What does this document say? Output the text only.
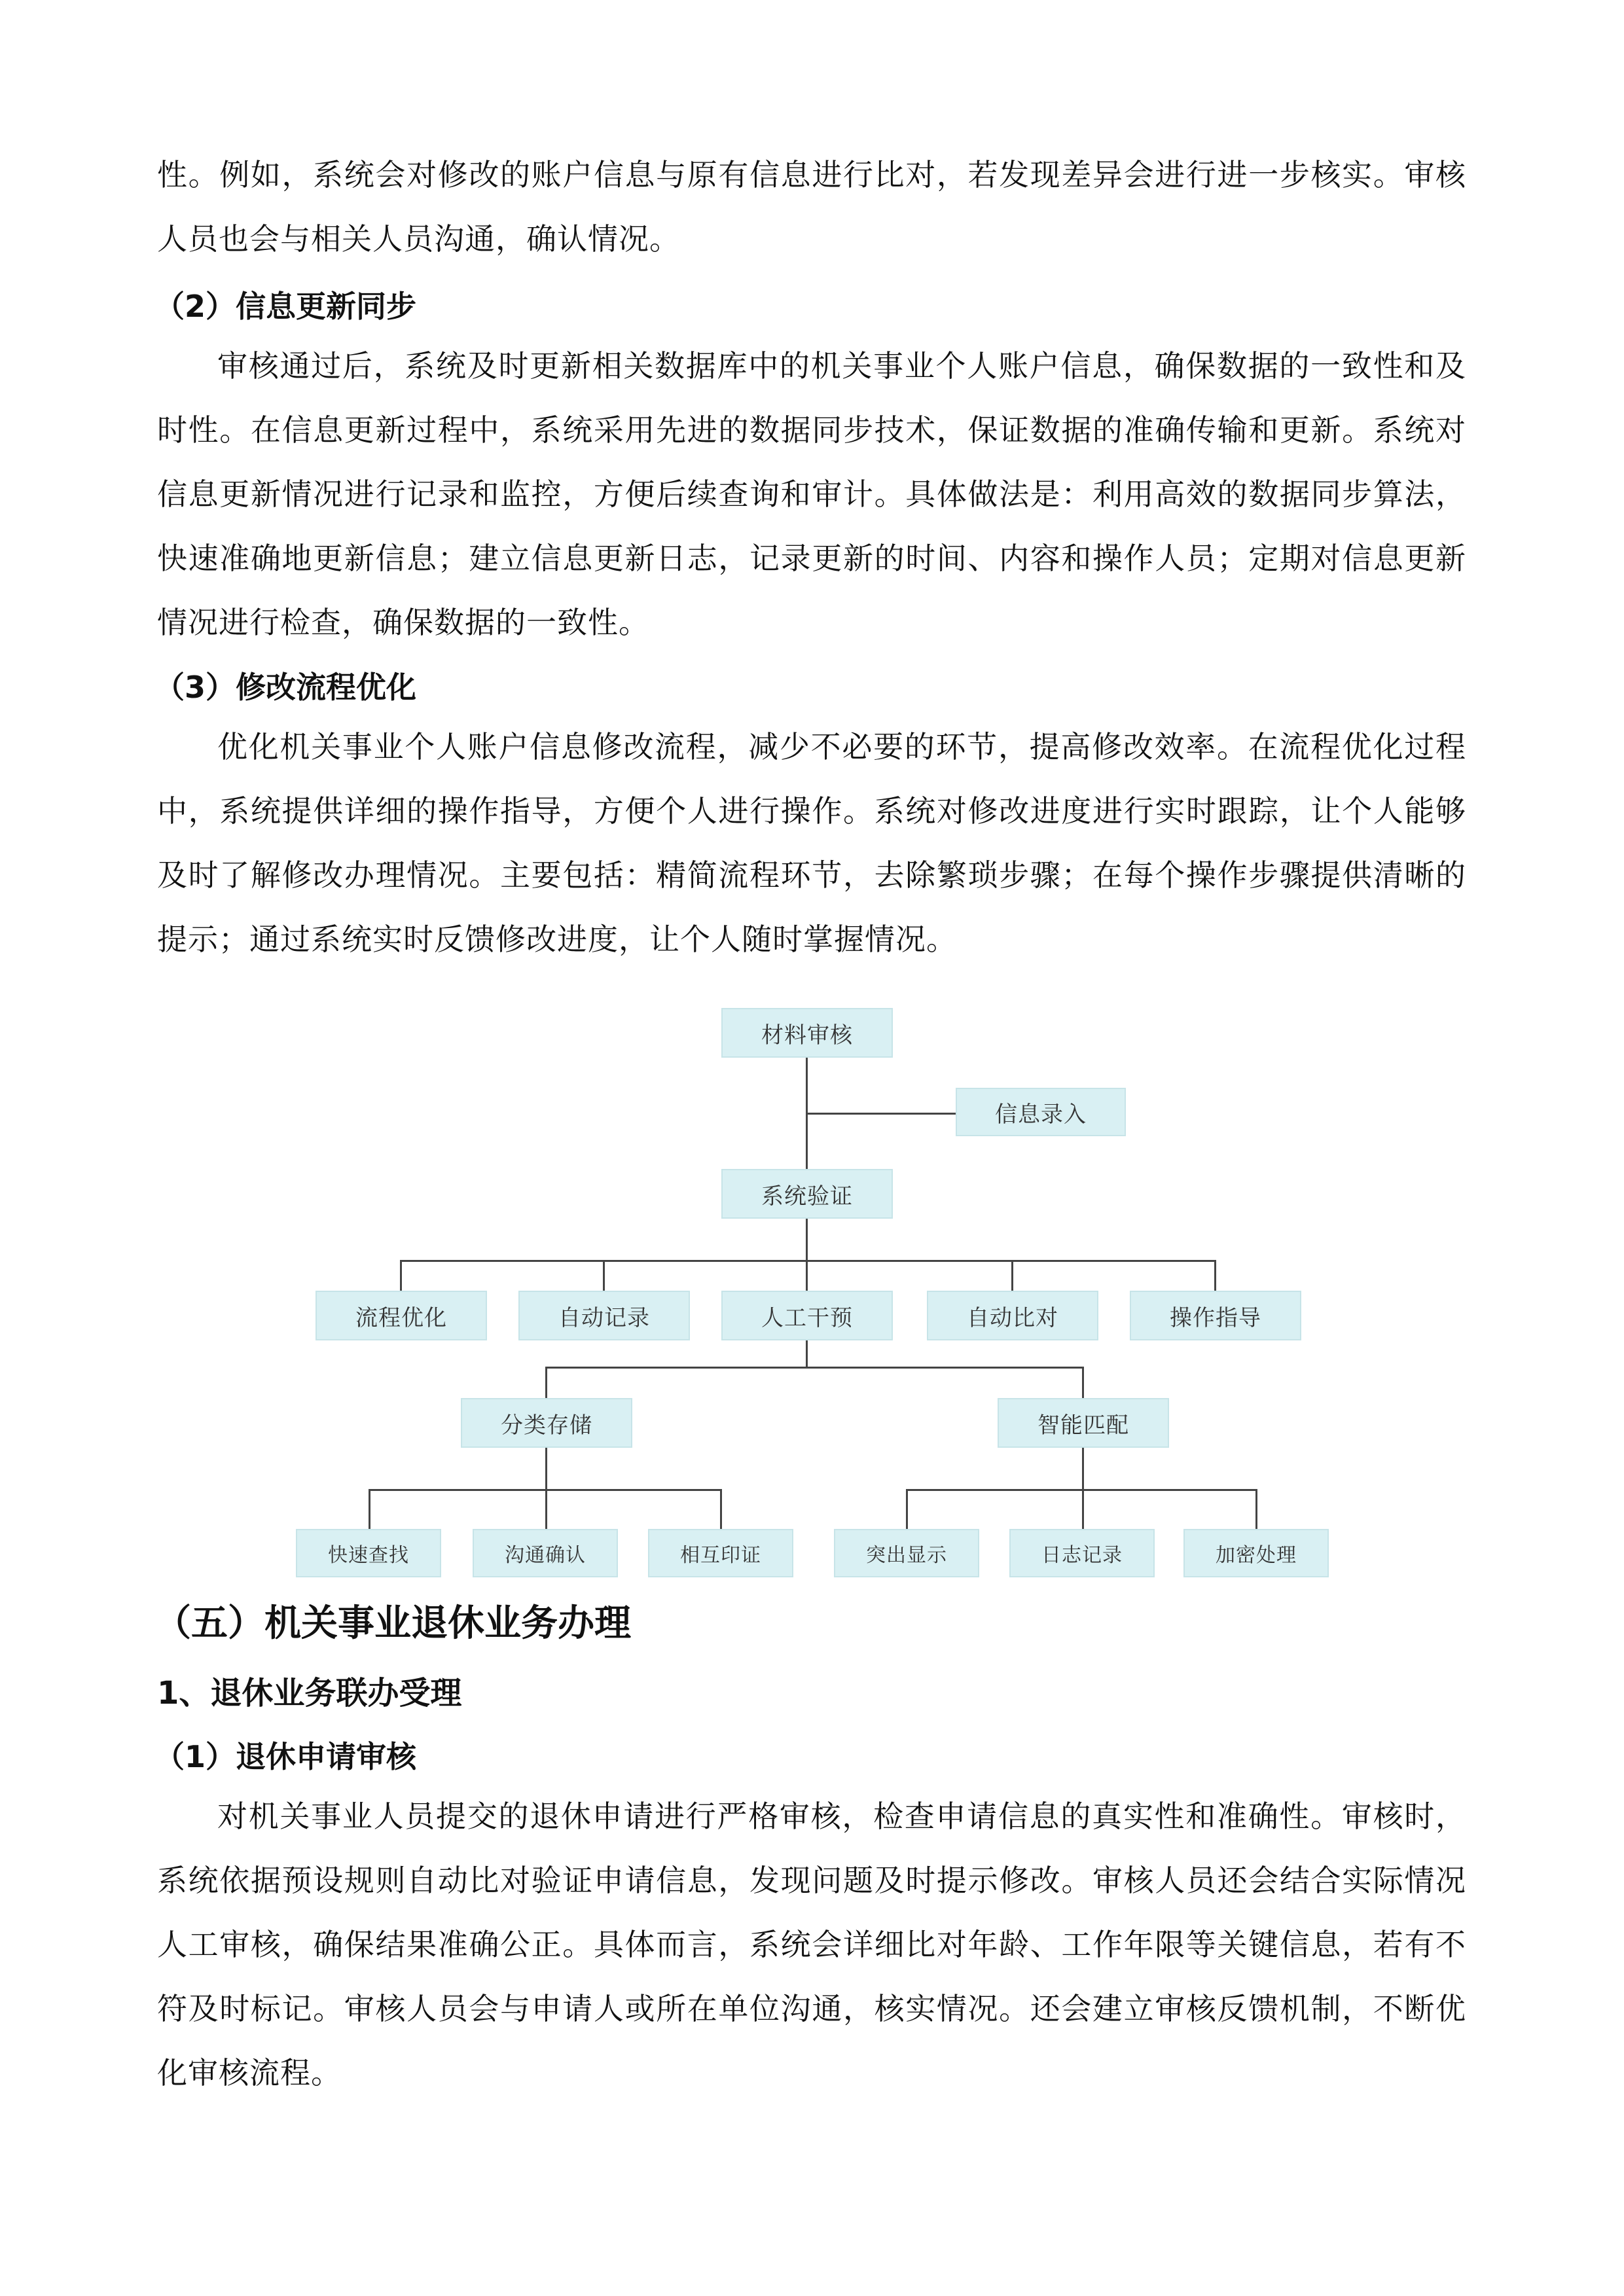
性。例如，系统会对修改的账户信息与原有信息进行比对，若发现差异会进行进一步核实。审核人员也会与相关人员沟通，确认情况。

（2）信息更新同步

审核通过后，系统及时更新相关数据库中的机关事业个人账户信息，确保数据的一致性和及时性。在信息更新过程中，系统采用先进的数据同步技术，保证数据的准确传输和更新。系统对信息更新情况进行记录和监控，方便后续查询和审计。具体做法是：利用高效的数据同步算法，快速准确地更新信息；建立信息更新日志，记录更新的时间、内容和操作人员；定期对信息更新情况进行检查，确保数据的一致性。

（3）修改流程优化

优化机关事业个人账户信息修改流程，减少不必要的环节，提高修改效率。在流程优化过程中，系统提供详细的操作指导，方便个人进行操作。系统对修改进度进行实时跟踪，让个人能够及时了解修改办理情况。主要包括：精简流程环节，去除繁琐步骤；在每个操作步骤提供清晰的提示；通过系统实时反馈修改进度，让个人随时掌握情况。

材料审核
信息录入
系统验证
流程优化	自动记录	人工干预	自动比对	操作指导
分类存储	智能匹配
快速查找	沟通确认	相互印证	突出显示	日志记录	加密处理
（五）机关事业退休业务办理
1、退休业务联办受理
（1）退休申请审核

对机关事业人员提交的退休申请进行严格审核，检查申请信息的真实性和准确性。审核时，系统依据预设规则自动比对验证申请信息，发现问题及时提示修改。审核人员还会结合实际情况人工审核，确保结果准确公正。具体而言，系统会详细比对年龄、工作年限等关键信息，若有不符及时标记。审核人员会与申请人或所在单位沟通，核实情况。还会建立审核反馈机制，不断优化审核流程。
